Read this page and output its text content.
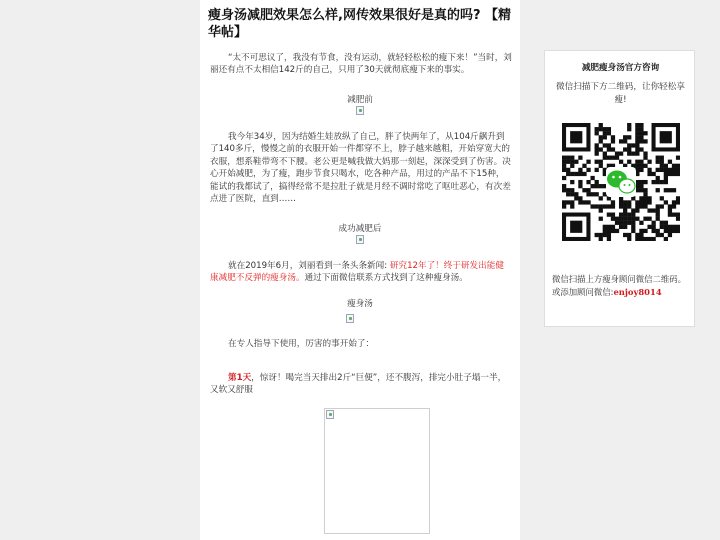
瘦身汤减肥效果怎么样,网传效果很好是真的吗? 【精华帖】

“太不可思议了，我没有节食，没有运动，就轻轻松松的瘦下来！”当时，刘丽还有点不太相信142斤的自己，只用了30天就彻底瘦下来的事实。

减肥前

我今年34岁，因为结婚生娃放纵了自己，胖了快两年了，从104斤飙升到了140多斤，慢慢之前的衣服开始一件都穿不上，脖子越来越粗，开始穿宽大的衣服，想系鞋带弯不下腰。老公更是喊我做大妈那一刻起，深深受到了伤害。决心开始减肥，为了瘦，跑步节食只喝水，吃各种产品，用过的产品不下15种，能试的我都试了，搞得经常不是拉肚子就是月经不调时常吃了呕吐恶心，有次差点进了医院，直到……

成功减肥后

就在2019年6月，刘丽看到一条头条新闻: 研究12年了！终于研发出能健康减肥不反弹的瘦身汤。通过下面微信联系方式找到了这种瘦身汤。

瘦身汤

在专人指导下使用，厉害的事开始了：

第1天，惊讶！喝完当天排出2斤“巨便”，还不腹泻，排完小肚子塌一半，又软又舒服

减肥瘦身汤官方咨询

微信扫描下方二维码，让你轻松享瘦!

微信扫描上方瘦身顾问微信二维码。或添加顾问微信:enjoy8014
